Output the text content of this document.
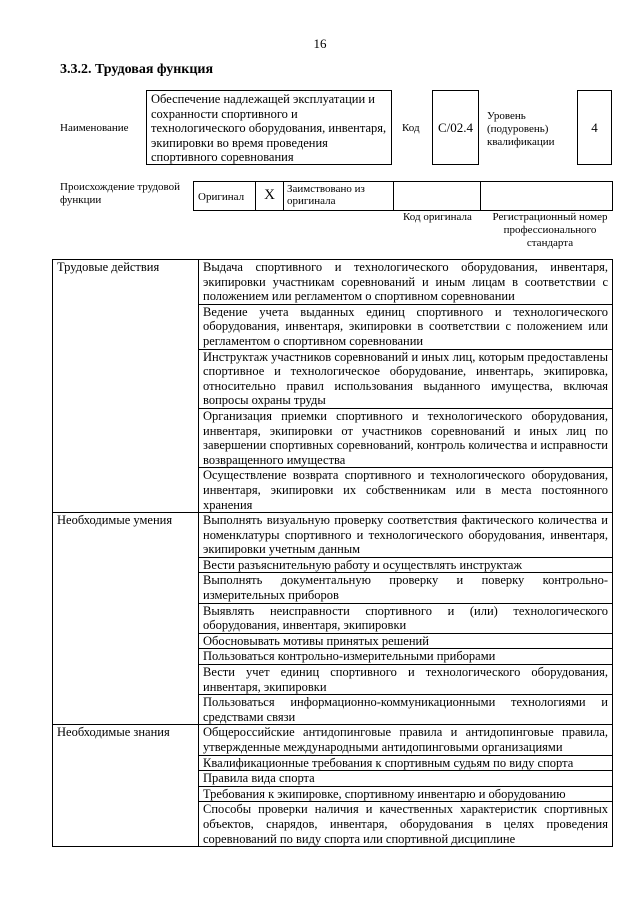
16
3.3.2. Трудовая функция
Наименование
Обеспечение надлежащей эксплуатации и сохранности спортивного и технологического оборудования, инвентаря, экипировки во время проведения спортивного соревнования
Код	С/02.4
Уровень (подуровень) квалификации
4
Происхождение трудовой функции	Оригинал	X	Заимствовано из оригинала
Код оригинала	Регистрационный номер профессионального стандарта
Трудовые действия	Выдача спортивного и технологического оборудования, инвентаря, экипировки участникам соревнований и иным лицам в соответствии с положением или регламентом о спортивном соревновании
	Ведение учета выданных единиц спортивного и технологического оборудования, инвентаря, экипировки в соответствии с положением или регламентом о спортивном соревновании
	Инструктаж участников соревнований и иных лиц, которым предоставлены спортивное и технологическое оборудование, инвентарь, экипировка, относительно правил использования выданного имущества, включая вопросы охраны труды
	Организация приемки спортивного и технологического оборудования, инвентаря, экипировки от участников соревнований и иных лиц по завершении спортивных соревнований, контроль количества и исправности возвращенного имущества
	Осуществление возврата спортивного и технологического оборудования, инвентаря, экипировки их собственникам или в места постоянного хранения
Необходимые умения	Выполнять визуальную проверку соответствия фактического количества и номенклатуры спортивного и технологического оборудования, инвентаря, экипировки учетным данным
	Вести разъяснительную работу и осуществлять инструктаж
	Выполнять документальную проверку и поверку контрольно-измерительных приборов
	Выявлять неисправности спортивного и (или) технологического оборудования, инвентаря, экипировки
	Обосновывать мотивы принятых решений
	Пользоваться контрольно-измерительными приборами
	Вести учет единиц спортивного и технологического оборудования, инвентаря, экипировки
	Пользоваться информационно-коммуникационными технологиями и средствами связи
Необходимые знания	Общероссийские антидопинговые правила и антидопинговые правила, утвержденные международными антидопинговыми организациями
	Квалификационные требования к спортивным судьям по виду спорта
	Правила вида спорта
	Требования к экипировке, спортивному инвентарю и оборудованию
	Способы проверки наличия и качественных характеристик спортивных объектов, снарядов, инвентаря, оборудования в целях проведения соревнований по виду спорта или спортивной дисциплине
